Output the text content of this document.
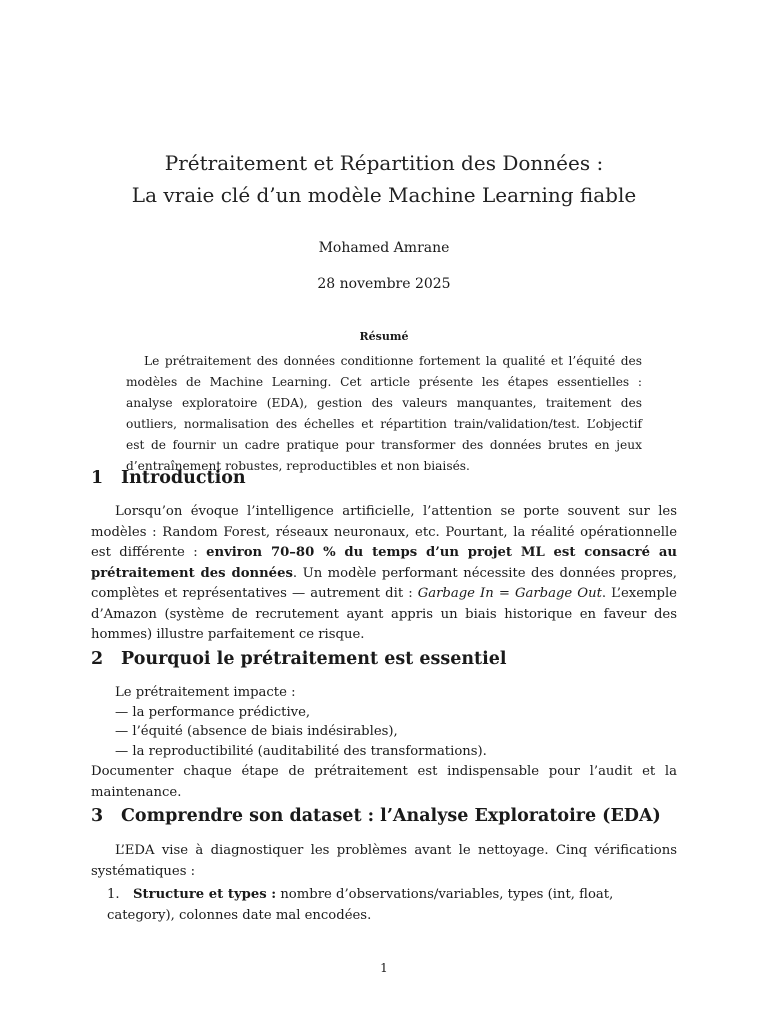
Prétraitement et Répartition des Données :
La vraie clé d’un modèle Machine Learning fiable
Mohamed Amrane
28 novembre 2025
Résumé
Le prétraitement des données conditionne fortement la qualité et l’équité des modèles de Machine Learning. Cet article présente les étapes essentielles : analyse exploratoire (EDA), gestion des valeurs manquantes, traitement des outliers, normalisation des échelles et répartition train/validation/test. L’objectif est de fournir un cadre pratique pour transformer des données brutes en jeux d’entraînement robustes, reproductibles et non biaisés.
1 Introduction
Lorsqu’on évoque l’intelligence artificielle, l’attention se porte souvent sur les modèles : Random Forest, réseaux neuronaux, etc. Pourtant, la réalité opérationnelle est différente : environ 70–80 % du temps d’un projet ML est consacré au prétraitement des données. Un modèle performant nécessite des données propres, complètes et représentatives — autrement dit : Garbage In = Garbage Out. L’exemple d’Amazon (système de recrutement ayant appris un biais historique en faveur des hommes) illustre parfaitement ce risque.
2 Pourquoi le prétraitement est essentiel
Le prétraitement impacte :
— la performance prédictive,
— l’équité (absence de biais indésirables),
— la reproductibilité (auditabilité des transformations).
Documenter chaque étape de prétraitement est indispensable pour l’audit et la maintenance.
3 Comprendre son dataset : l’Analyse Exploratoire (EDA)
L’EDA vise à diagnostiquer les problèmes avant le nettoyage. Cinq vérifications systématiques :
1. Structure et types : nombre d’observations/variables, types (int, float, category), colonnes date mal encodées.
1
